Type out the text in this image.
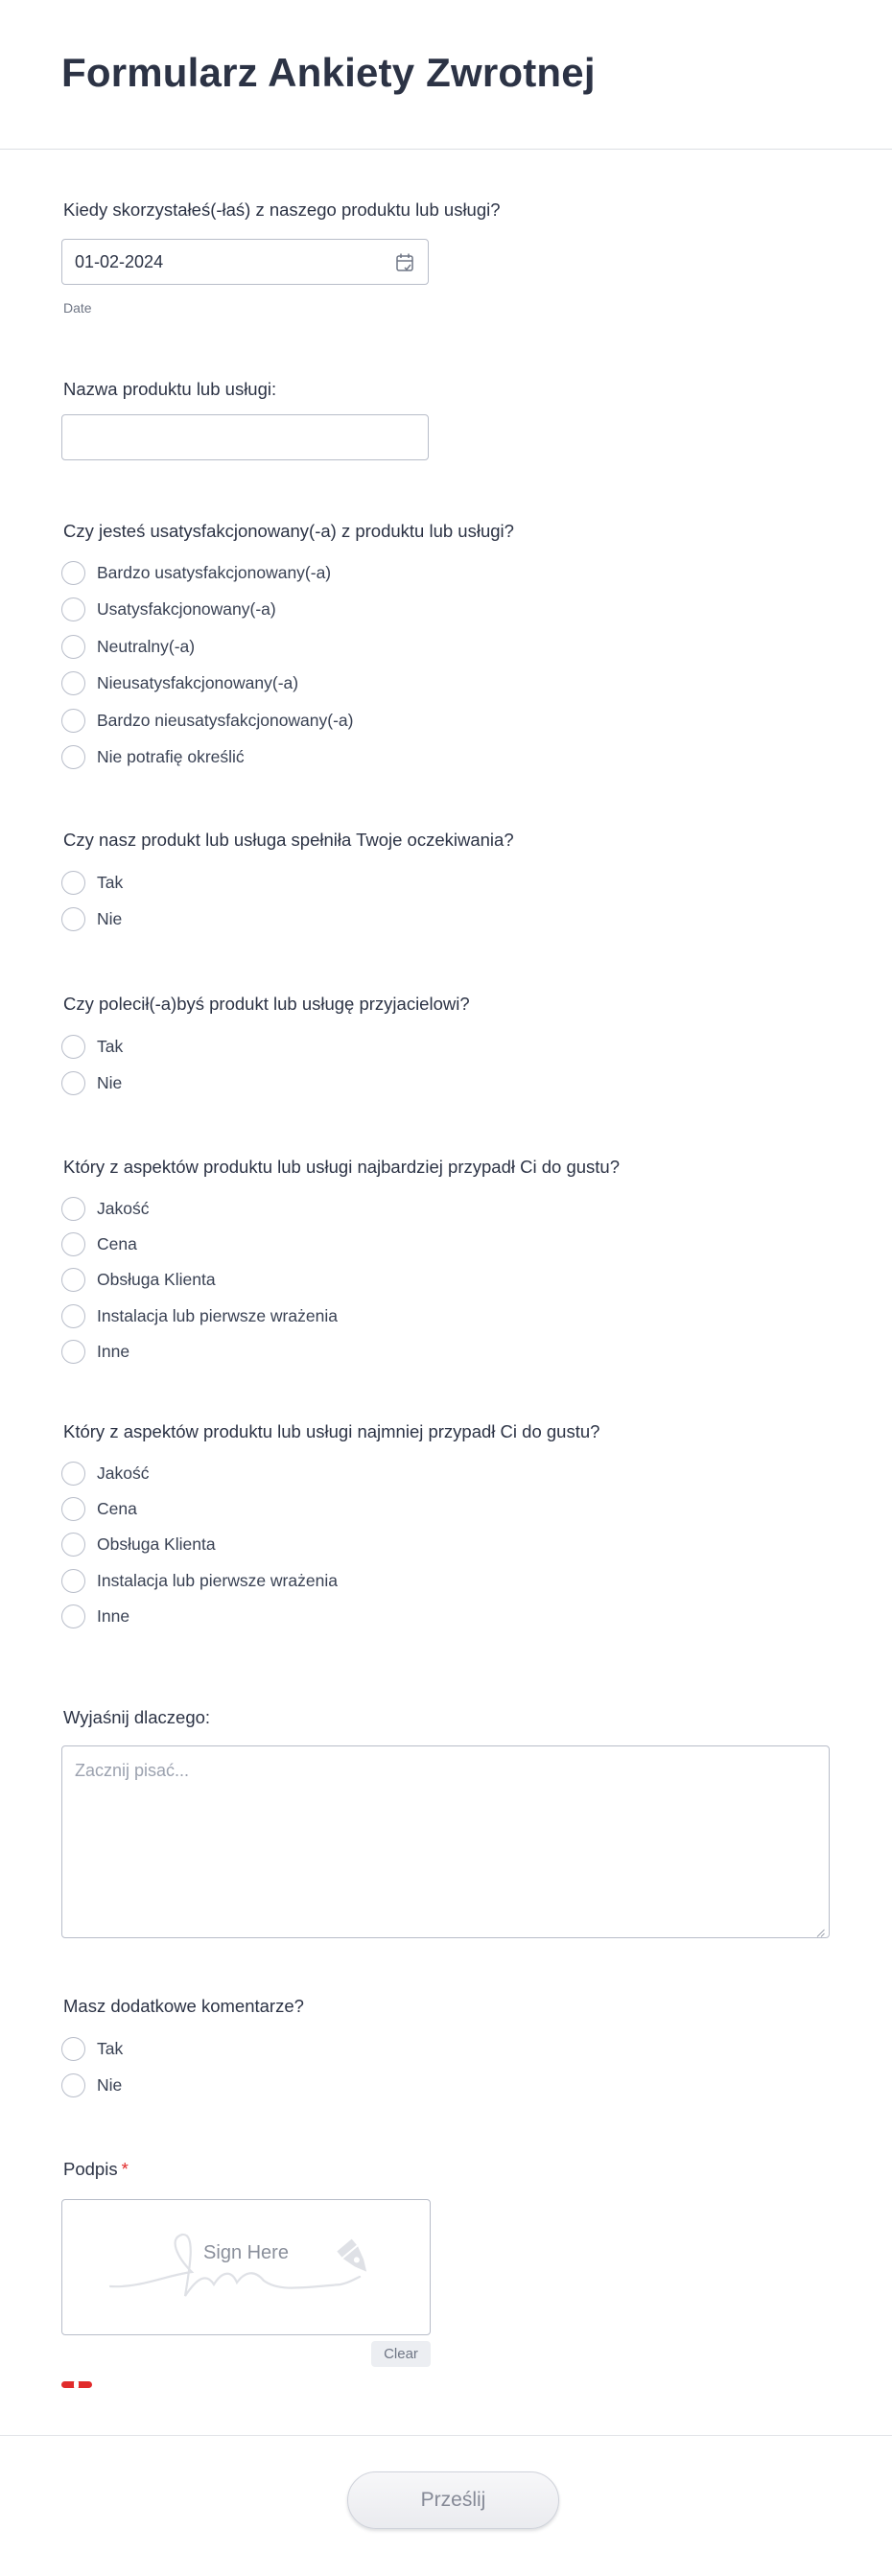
Formularz Ankiety Zwrotnej
Kiedy skorzystałeś(-łaś) z naszego produktu lub usługi?
01-02-2024
Date
Nazwa produktu lub usługi:
Czy jesteś usatysfakcjonowany(-a) z produktu lub usługi?
Bardzo usatysfakcjonowany(-a)
Usatysfakcjonowany(-a)
Neutralny(-a)
Nieusatysfakcjonowany(-a)
Bardzo nieusatysfakcjonowany(-a)
Nie potrafię określić
Czy nasz produkt lub usługa spełniła Twoje oczekiwania?
Tak
Nie
Czy polecił(-a)byś produkt lub usługę przyjacielowi?
Tak
Nie
Który z aspektów produktu lub usługi najbardziej przypadł Ci do gustu?
Jakość
Cena
Obsługa Klienta
Instalacja lub pierwsze wrażenia
Inne
Który z aspektów produktu lub usługi najmniej przypadł Ci do gustu?
Jakość
Cena
Obsługa Klienta
Instalacja lub pierwsze wrażenia
Inne
Wyjaśnij dlaczego:
Zacznij pisać...
Masz dodatkowe komentarze?
Tak
Nie
Podpis *
Sign Here
Clear
Prześlij
